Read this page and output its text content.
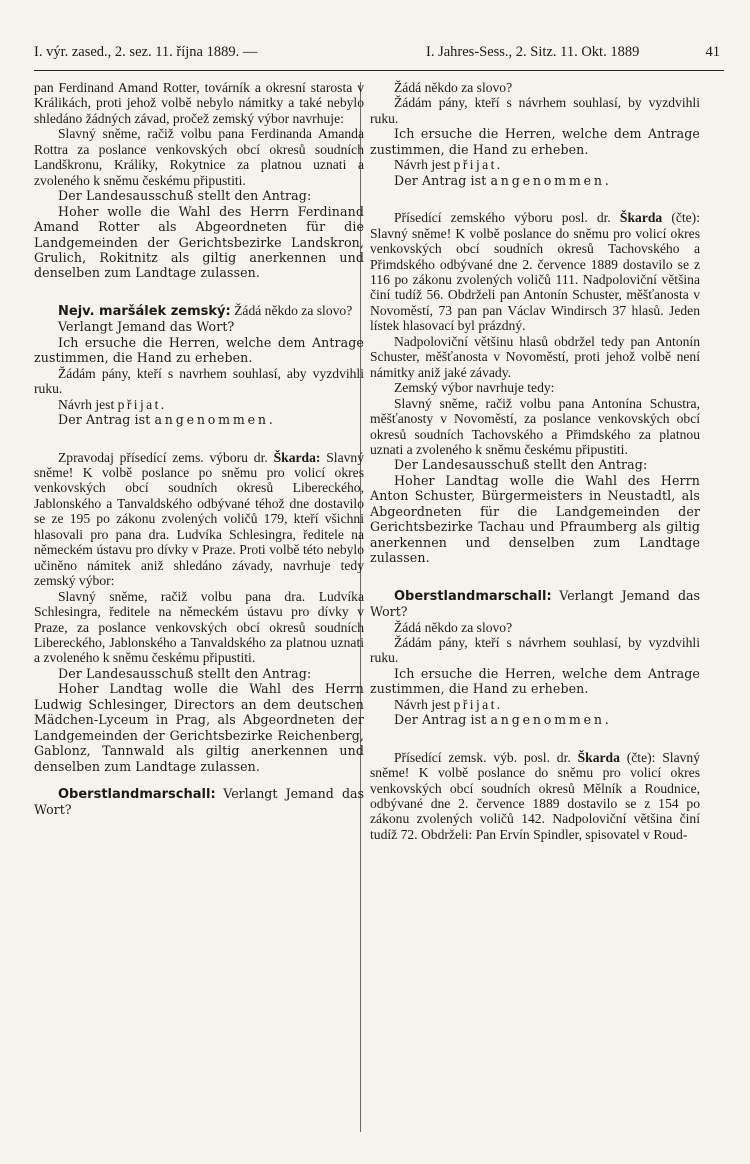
I. výr. zased., 2. sez. 11. října 1889. —	I. Jahres-Sess., 2. Sitz. 11. Okt. 1889	41

pan Ferdinand Amand Rotter, továrník a okresní starosta v Králikách, proti jehož volbě nebylo námitky a také nebylo shledáno žádných závad, pročež zemský výbor navrhuje:

Slavný sněme, račiž volbu pana Ferdinanda Amanda Rottra za poslance venkovských obcí okresů soudních Landškronu, Králiky, Rokytnice za platnou uznati a zvoleného k sněmu českému připustiti.

Der Landesausschuß stellt den Antrag:

Hoher wolle die Wahl des Herrn Ferdinand Amand Rotter als Abgeordneten für die Landgemeinden der Gerichtsbezirke Landskron, Grulich, Rokitnitz als giltig anerkennen und denselben zum Landtage zulassen.

Nejv. maršálek zemský: Žádá někdo za slovo?

Verlangt Jemand das Wort?

Ich ersuche die Herren, welche dem Antrage zustimmen, die Hand zu erheben.

Žádám pány, kteří s navrhem souhlasí, aby vyzdvihli ruku.

Návrh jest přijat.

Der Antrag ist angenommen.

Zpravodaj přísedící zems. výboru dr. Škarda: Slavný sněme! K volbě poslance po sněmu pro volicí okres venkovských obcí soudních okresů Libereckého, Jablonského a Tanvaldského odbývané téhož dne dostavilo se ze 195 po zákonu zvolených voličů 179, kteří všichni hlasovali pro pana dra. Ludvíka Schlesingra, ředitele na německém ústavu pro dívky v Praze. Proti volbě této nebylo učiněno námitek aniž shledáno závady, navrhuje tedy zemský výbor:

Slavný sněme, račiž volbu pana dra. Ludvíka Schlesingra, ředitele na německém ústavu pro dívky v Praze, za poslance venkovských obcí okresů soudních Libereckého, Jablonského a Tanvaldského za platnou uznati a zvoleného k sněmu českému připustiti.

Der Landesausschuß stellt den Antrag:

Hoher Landtag wolle die Wahl des Herrn Ludwig Schlesinger, Directors an dem deutschen Mädchen-Lyceum in Prag, als Abgeordneten der Landgemeinden der Gerichtsbezirke Reichenberg, Gablonz, Tannwald als giltig anerkennen und denselben zum Landtage zulassen.

Oberstlandmarschall: Verlangt Jemand das Wort?

Žádá někdo za slovo?

Žádám pány, kteří s návrhem souhlasí, by vyzdvihli ruku.

Ich ersuche die Herren, welche dem Antrage zustimmen, die Hand zu erheben.

Návrh jest přijat.

Der Antrag ist angenommen.

Přísedící zemského výboru posl. dr. Škarda (čte): Slavný sněme! K volbě poslance do sněmu pro volicí okres venkovských obcí soudních okresů Tachovského a Přimdského odbývané dne 2. července 1889 dostavilo se z 116 po zákonu zvolených voličů 111. Nadpoloviční většina činí tudíž 56. Obdrželi pan Antonín Schuster, měšťanosta v Novoměstí, 73 pan pan Václav Windirsch 37 hlasů. Jeden lístek hlasovací byl prázdný.

Nadpoloviční většinu hlasů obdržel tedy pan Antonín Schuster, měšťanosta v Novoměstí, proti jehož volbě není námitky aniž jaké závady.

Zemský výbor navrhuje tedy:

Slavný sněme, račiž volbu pana Antonína Schustra, měšťanosty v Novoměstí, za poslance venkovských obcí okresů soudních Tachovského a Přimdského za platnou uznati a zvoleného k sněmu českému připustiti.

Der Landesausschuß stellt den Antrag:

Hoher Landtag wolle die Wahl des Herrn Anton Schuster, Bürgermeisters in Neustadtl, als Abgeordneten für die Landgemeinden der Gerichtsbezirke Tachau und Pfraumberg als giltig anerkennen und denselben zum Landtage zulassen.

Oberstlandmarschall: Verlangt Jemand das Wort?

Žádá někdo za slovo?

Žádám pány, kteří s návrhem souhlasí, by vyzdvihli ruku.

Ich ersuche die Herren, welche dem Antrage zustimmen, die Hand zu erheben.

Návrh jest přijat.

Der Antrag ist angenommen.

Přísedící zemsk. výb. posl. dr. Škarda (čte): Slavný sněme! K volbě poslance do sněmu pro volicí okres venkovských obcí soudních okresů Mělník a Roudnice, odbývané dne 2. července 1889 dostavilo se z 154 po zákonu zvolených voličů 142. Nadpoloviční většina činí tudíž 72. Obdrželi: Pan Ervín Spindler, spisovatel v Roud-
